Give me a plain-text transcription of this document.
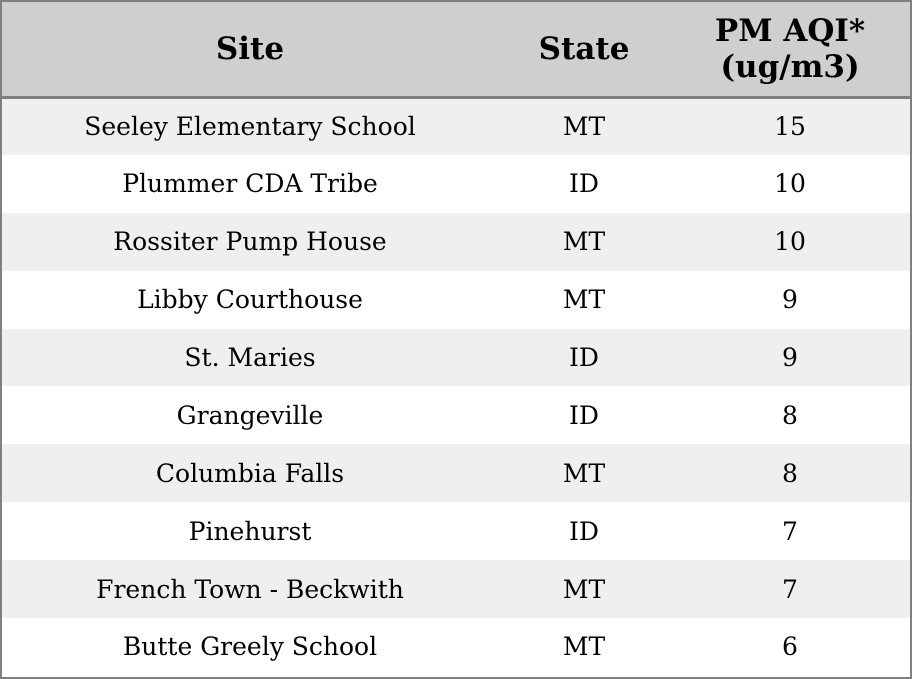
Site	State	PM AQI*
(ug/m3)

Seeley Elementary School	MT	15
Plummer CDA Tribe	ID	10
Rossiter Pump House	MT	10
Libby Courthouse	MT	9
St. Maries	ID	9
Grangeville	ID	8
Columbia Falls	MT	8
Pinehurst	ID	7
French Town - Beckwith	MT	7
Butte Greely School	MT	6
